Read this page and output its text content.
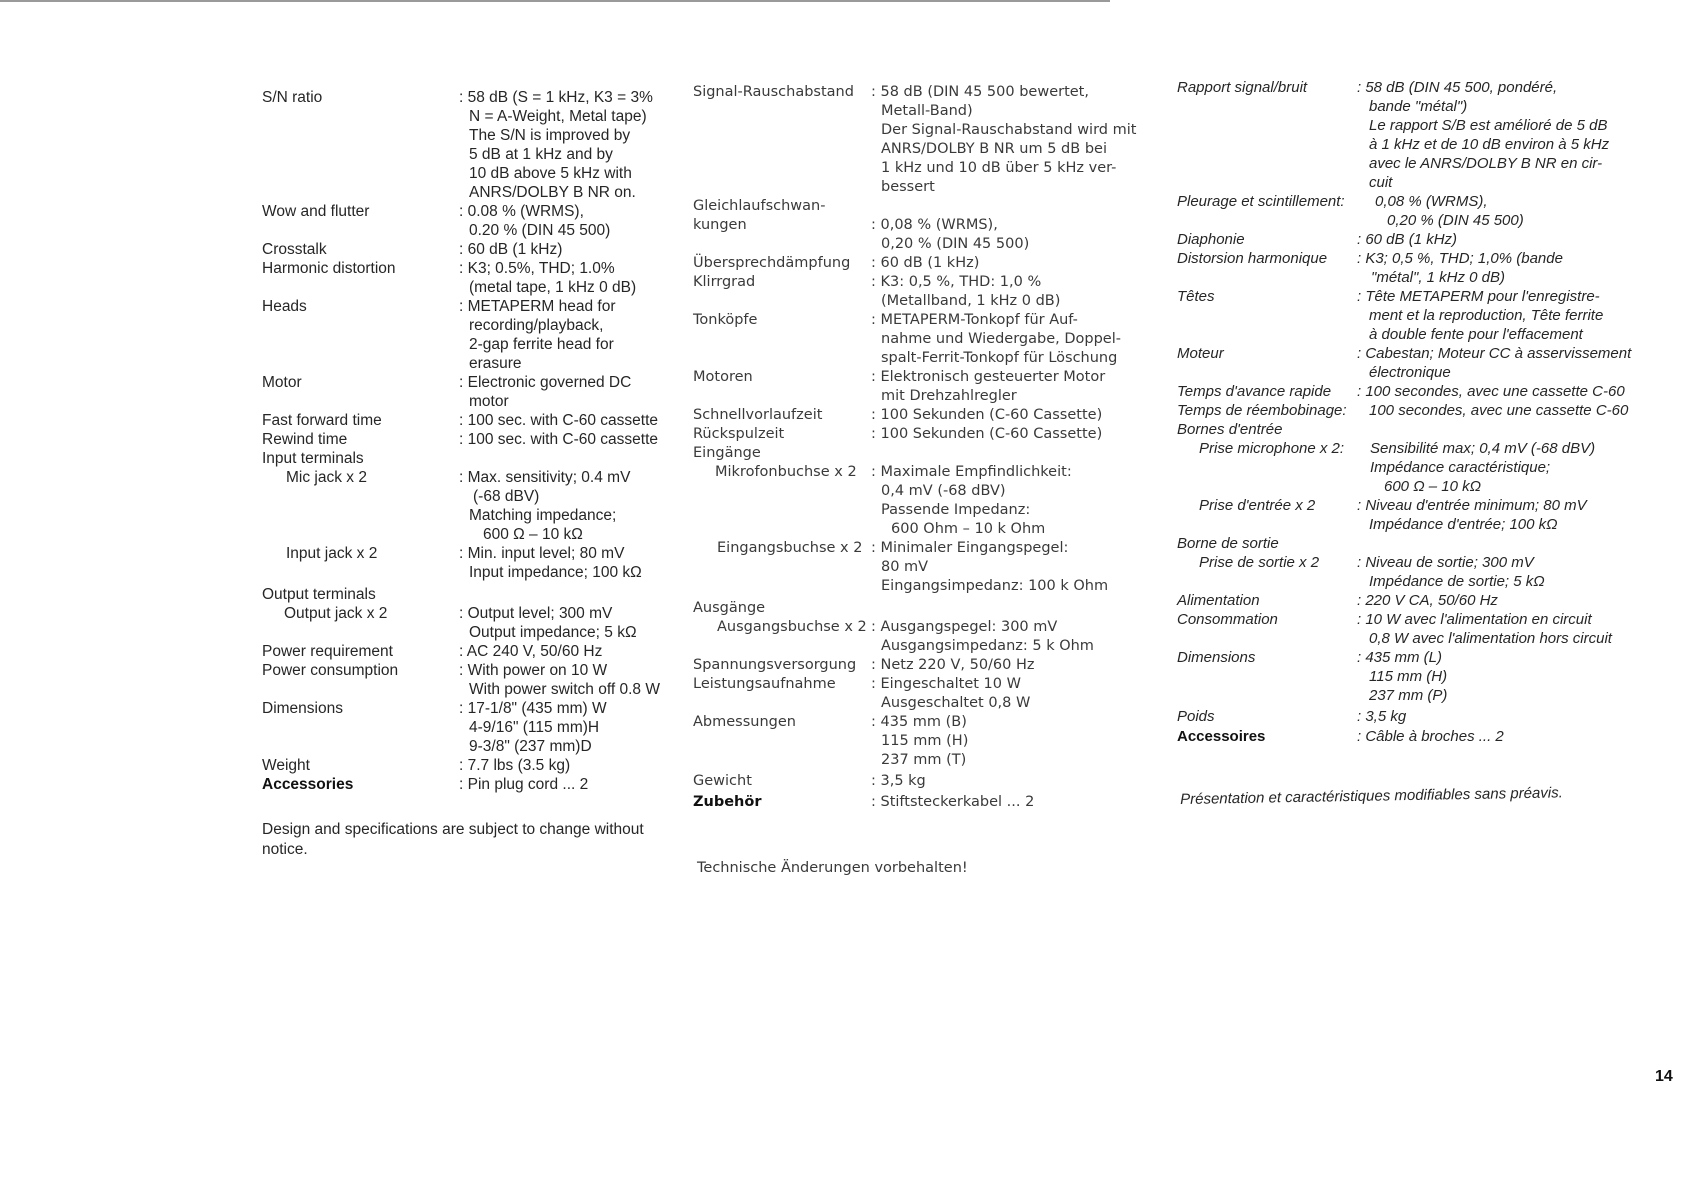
S/N ratio	: 58 dB (S = 1 kHz, K3 = 3%
N = A-Weight, Metal tape)
The S/N is improved by
5 dB at 1 kHz and by
10 dB above 5 kHz with
ANRS/DOLBY B NR on.
Wow and flutter	: 0.08 % (WRMS),
0.20 % (DIN 45 500)
Crosstalk	: 60 dB (1 kHz)
Harmonic distortion	: K3; 0.5%, THD; 1.0%
(metal tape, 1 kHz 0 dB)
Heads	: METAPERM head for
recording/playback,
2-gap ferrite head for
erasure
Motor	: Electronic governed DC
motor
Fast forward time	: 100 sec. with C-60 cassette
Rewind time	: 100 sec. with C-60 cassette
Input terminals
Mic jack x 2	: Max. sensitivity; 0.4 mV
(-68 dBV)
Matching impedance;
600 Ω – 10 kΩ
Input jack x 2	: Min. input level; 80 mV
Input impedance; 100 kΩ
Output terminals
Output jack x 2	: Output level; 300 mV
Output impedance; 5 kΩ
Power requirement	: AC 240 V, 50/60 Hz
Power consumption	: With power on 10 W
With power switch off 0.8 W
Dimensions	: 17-1/8" (435 mm) W
4-9/16" (115 mm)H
9-3/8" (237 mm)D
Weight	: 7.7 lbs (3.5 kg)
Accessories	: Pin plug cord ... 2
Design and specifications are subject to change without
notice.
Signal-Rauschabstand : 58 dB (DIN 45 500 bewertet,
Metall-Band)
Der Signal-Rauschabstand wird mit
ANRS/DOLBY B NR um 5 dB bei
1 kHz und 10 dB über 5 kHz ver-
bessert
Gleichlaufschwan-
kungen	: 0,08 % (WRMS),
0,20 % (DIN 45 500)
Übersprechdämpfung : 60 dB (1 kHz)
Klirrgrad	: K3: 0,5 %, THD: 1,0 %
(Metallband, 1 kHz 0 dB)
Tonköpfe	: METAPERM-Tonkopf für Auf-
nahme und Wiedergabe, Doppel-
spalt-Ferrit-Tonkopf für Löschung
Motoren	: Elektronisch gesteuerter Motor
mit Drehzahlregler
Schnellvorlaufzeit	: 100 Sekunden (C-60 Cassette)
Rückspulzeit	: 100 Sekunden (C-60 Cassette)
Eingänge
Mikrofonbuchse x 2 : Maximale Empfindlichkeit:
0,4 mV (-68 dBV)
Passende Impedanz:
600 Ohm – 10 k Ohm
Eingangsbuchse x 2 : Minimaler Eingangspegel:
80 mV
Eingangsimpedanz: 100 k Ohm
Ausgänge
Ausgangsbuchse x 2 : Ausgangspegel: 300 mV
Ausgangsimpedanz: 5 k Ohm
Spannungsversorgung : Netz 220 V, 50/60 Hz
Leistungsaufnahme : Eingeschaltet 10 W
Ausgeschaltet 0,8 W
Abmessungen	: 435 mm (B)
115 mm (H)
237 mm (T)
Gewicht	: 3,5 kg
Zubehör	: Stiftsteckerkabel ... 2
Technische Änderungen vorbehalten!
Rapport signal/bruit	: 58 dB (DIN 45 500, pondéré,
bande "métal")
Le rapport S/B est amélioré de 5 dB
à 1 kHz et de 10 dB environ à 5 kHz
avec le ANRS/DOLBY B NR en cir-
cuit
Pleurage et scintillement: 0,08 % (WRMS),
0,20 % (DIN 45 500)
Diaphonie	: 60 dB (1 kHz)
Distorsion harmonique : K3; 0,5 %, THD; 1,0% (bande
"métal", 1 kHz 0 dB)
Têtes	: Tête METAPERM pour l'enregistre-
ment et la reproduction, Tête ferrite
à double fente pour l'effacement
Moteur	: Cabestan; Moteur CC à asservissement
électronique
Temps d'avance rapide : 100 secondes, avec une cassette C-60
Temps de réembobinage: 100 secondes, avec une cassette C-60
Bornes d'entrée
Prise microphone x 2: Sensibilité max; 0,4 mV (-68 dBV)
Impédance caractéristique;
600 Ω – 10 kΩ
Prise d'entrée x 2	: Niveau d'entrée minimum; 80 mV
Impédance d'entrée; 100 kΩ
Borne de sortie
Prise de sortie x 2	: Niveau de sortie; 300 mV
Impédance de sortie; 5 kΩ
Alimentation	: 220 V CA, 50/60 Hz
Consommation	: 10 W avec l'alimentation en circuit
0,8 W avec l'alimentation hors circuit
Dimensions	: 435 mm (L)
115 mm (H)
237 mm (P)
Poids	: 3,5 kg
Accessoires	: Câble à broches ... 2
Présentation et caractéristiques modifiables sans préavis.
14
